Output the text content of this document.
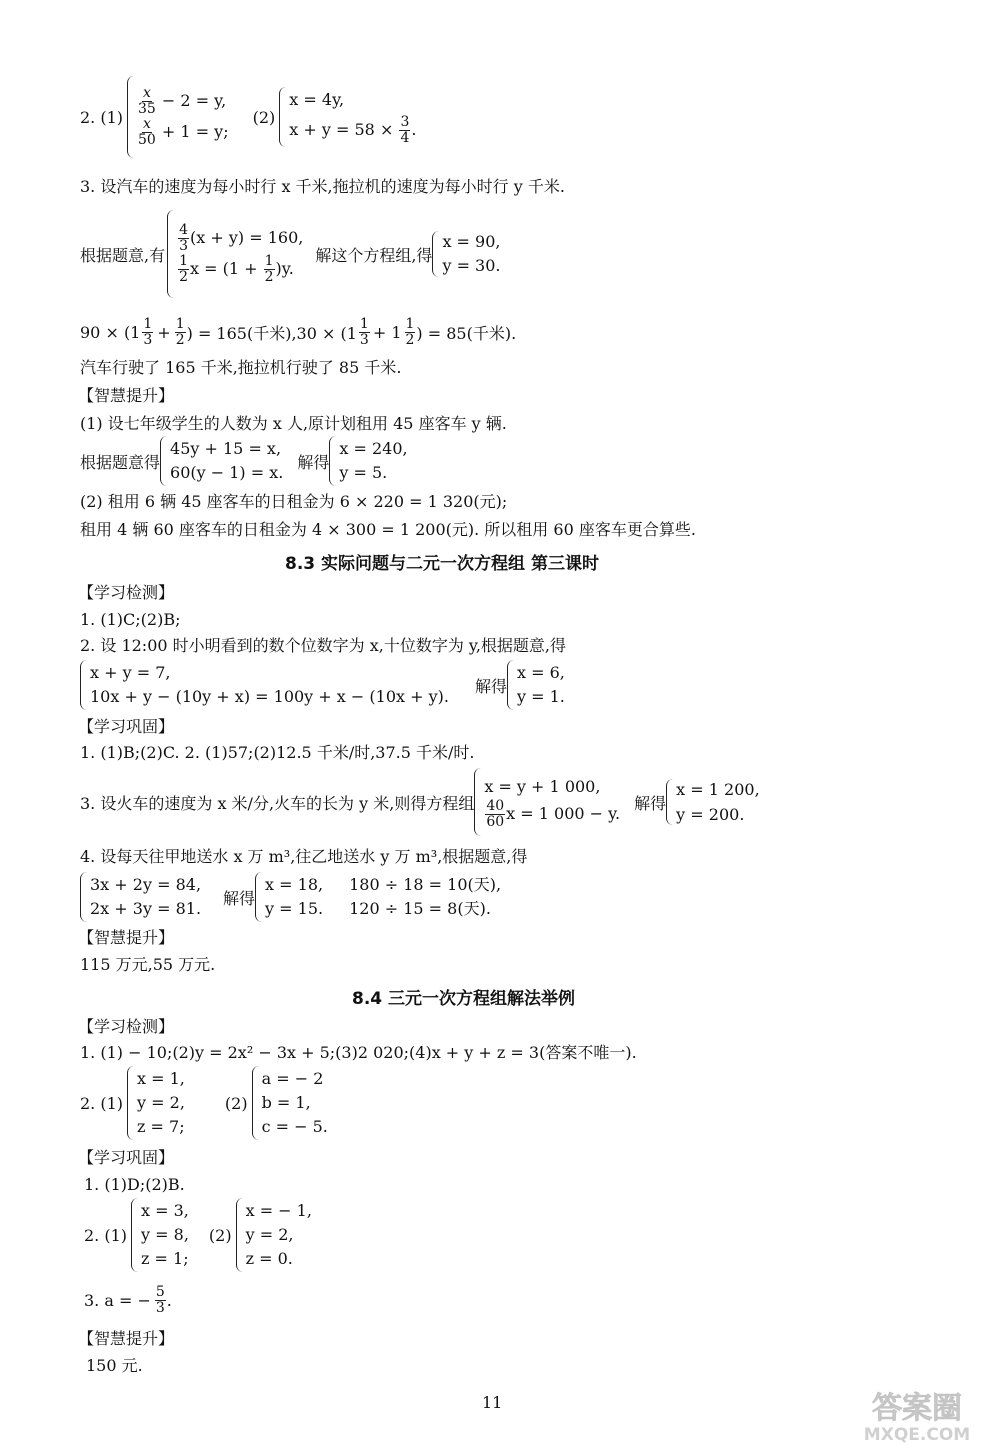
2. $(1) \frac{x}{35} - 2 = y$,
$\frac{x}{50} + 1 = y$;
(2)
x = 4y,
$x + y = 58 \times \frac{3}{4}$ .
3. 设汽车的速度为每小时行 x 千米,拖拉机的速度为每小时行 y 千米.
根据题意,有
$\frac{4}{3} (x + y) = 160$,
$\frac{1}{2}$ $x = (1 + \frac{1}{2} )y$.
解这个方程组,得
x = 90,
y = 30.
$90 \times (1 \frac{1}{3} + \frac{1}{2}$ ) = 165(千米)$,30 \times (1 \frac{1}{3} + 1 \frac{1}{2}$ ) = 85(千米).
汽车行驶了 165 千米,拖拉机行驶了 85 千米.
【智慧提升】
(1) 设七年级学生的人数为 x 人,原计划租用 45 座客车 y 辆.
根据题意得
45y + 15 = x,
60(y − 1) = x.
解得
x = 240,
y = 5.
(2) 租用 6 辆 45 座客车的日租金为 6 × 220 = 1 320(元);
租用 4 辆 60 座客车的日租金为 4 × 300 = 1 200(元). 所以租用 60 座客车更合算些.
8.3 实际问题与二元一次方程组 第三课时
【学习检测】
1. (1)C;(2)B;
2. 设 12:00 时小明看到的数个位数字为 x,十位数字为 y,根据题意,得
x + y = 7,
10x + y − (10y + x) = 100y + x − (10x + y).
解得
x = 6,
y = 1.
【学习巩固】
1. (1)B;(2)C. 2. (1)57;(2)12.5 千米/时,37.5 千米/时.
3. 设火车的速度为 x 米/分,火车的长为 y 米,则得方程组
x = y + 1 000,
$\frac{40}{60}$ x = 1 000 − y.
解得
x = 1 200,
y = 200.
4. 设每天往甲地送水 x 万 m³,往乙地送水 y 万 m³,根据题意,得
3x + 2y = 84,
2x + 3y = 81.
解得
x = 18,
y = 15.
180 ÷ 18 = 10(天),
120 ÷ 15 = 8(天).
【智慧提升】
115 万元,55 万元.
8.4 三元一次方程组解法举例
【学习检测】
1. (1) − 10;(2)y = 2x² − 3x + 5;(3)2 020;(4)x + y + z = 3(答案不唯一).
2. (1)
x = 1,
y = 2,
z = 7;
(2)
a = − 2
b = 1,
c = − 5.
【学习巩固】
1. (1)D;(2)B.
2. (1)
x = 3,
y = 8,
z = 1;
(2)
x = − 1,
y = 2,
z = 0.
3. a = − $\frac{5}{3}$ .
【智慧提升】
150 元.
11	答案圈
MXQE.COM
